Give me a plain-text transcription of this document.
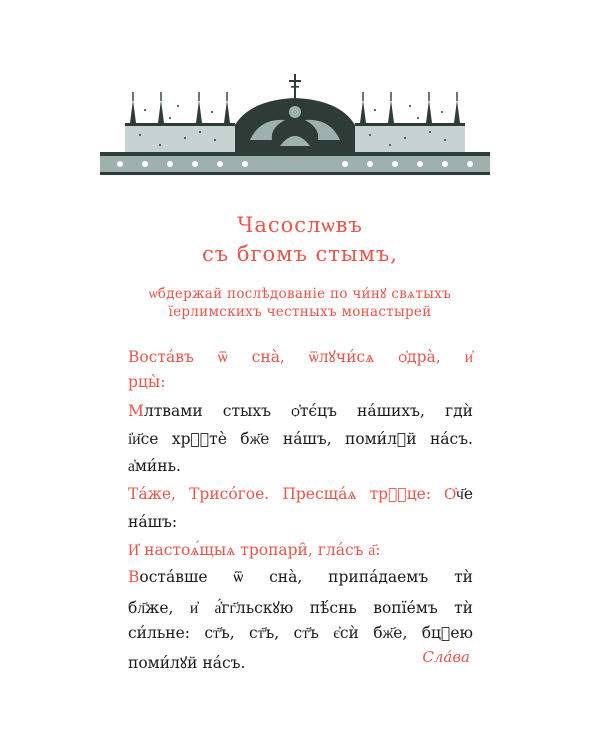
Часослѡвъ
съ бгомъ стымъ,
ѡбдержай послѣдованіе по чи́нꙋ свѧтыхъ
їерлимскихъ честныхъ монастырей
Воста́въ ѿ сна̀, ѿлꙋчи́сѧ ѻ҆дра̀, и҆
рцы̀:
Млтвами стыхъ ѻ҆тє́цъ на́шихъ, гдѝ
і҆и҃се хрⷭ҇тѐ бж҃е на́шъ, поми́лꙋй на́съ.
а҆ми́нь.
Та́же, Трисо́гое. Пресща́ѧ трⷪ҇це: Ѻ҆ч҃е
на́шъ:
И҆ настоѧ́щыѧ тропари̑, гла́съ а҃:
Воста́вше ѿ сна̀, припа́даемъ тѝ
бл҃же, и҆ а҆́гг҃льскꙋю пѣ́снь вопїе́мъ тѝ
си́льне: ст҃ъ, ст҃ъ, ст҃ъ є҆сѝ бж҃е, бцⷣею
поми́лꙋй на́съ.	Сла́ва
